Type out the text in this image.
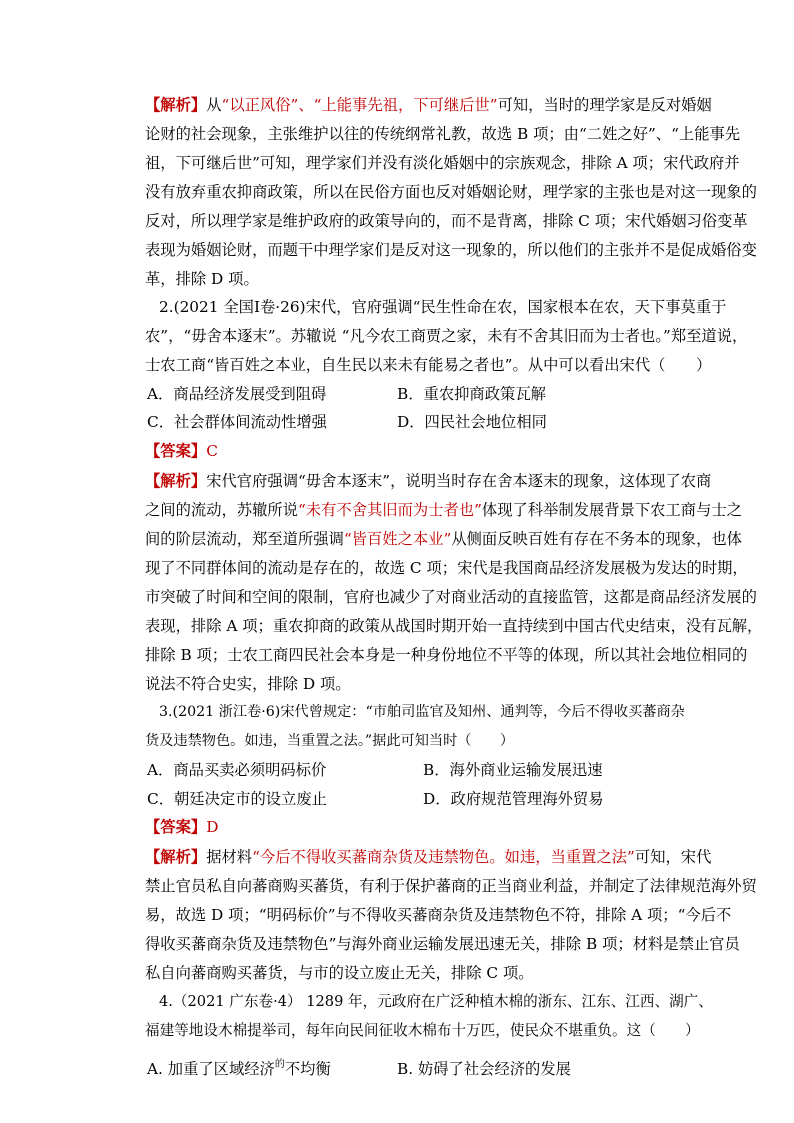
【解析】从“以正风俗”、“上能事先祖，下可继后世”可知，当时的理学家是反对婚姻
论财的社会现象，主张维护以往的传统纲常礼教，故选 B 项；由“二姓之好”、“上能事先
祖，下可继后世”可知，理学家们并没有淡化婚姻中的宗族观念，排除 A 项；宋代政府并
没有放弃重农抑商政策，所以在民俗方面也反对婚姻论财，理学家的主张也是对这一现象的
反对，所以理学家是维护政府的政策导向的，而不是背离，排除 C 项；宋代婚姻习俗变革
表现为婚姻论财，而题干中理学家们是反对这一现象的，所以他们的主张并不是促成婚俗变
革，排除 D 项。
2.(2021 全国Ⅰ卷·26)宋代，官府强调“民生性命在农，国家根本在农，天下事莫重于
农”，“毋舍本逐末”。苏辙说 “凡今农工商贾之家，未有不舍其旧而为士者也。”郑至道说，
士农工商“皆百姓之本业，自生民以来未有能易之者也”。从中可以看出宋代（　　）
A．商品经济发展受到阻碍	B．重农抑商政策瓦解
C．社会群体间流动性增强	D．四民社会地位相同
【答案】C
【解析】宋代官府强调“毋舍本逐末”，说明当时存在舍本逐末的现象，这体现了农商
之间的流动，苏辙所说“未有不舍其旧而为士者也”体现了科举制发展背景下农工商与士之
间的阶层流动，郑至道所强调“皆百姓之本业”从侧面反映百姓有存在不务本的现象，也体
现了不同群体间的流动是存在的，故选 C 项；宋代是我国商品经济发展极为发达的时期，
市突破了时间和空间的限制，官府也减少了对商业活动的直接监管，这都是商品经济发展的
表现，排除 A 项；重农抑商的政策从战国时期开始一直持续到中国古代史结束，没有瓦解，
排除 B 项；士农工商四民社会本身是一种身份地位不平等的体现，所以其社会地位相同的
说法不符合史实，排除 D 项。
3.(2021 浙江卷·6)宋代曾规定：“市舶司监官及知州、通判等，今后不得收买蕃商杂
货及违禁物色。如违，当重置之法。”据此可知当时（　　）
A．商品买卖必须明码标价	B．海外商业运输发展迅速
C．朝廷决定市的设立废止	D．政府规范管理海外贸易
【答案】D
【解析】据材料“今后不得收买蕃商杂货及违禁物色。如违，当重置之法”可知，宋代
禁止官员私自向蕃商购买蕃货，有利于保护蕃商的正当商业利益，并制定了法律规范海外贸
易，故选 D 项；“明码标价”与不得收买蕃商杂货及违禁物色不符，排除 A 项；“今后不
得收买蕃商杂货及违禁物色”与海外商业运输发展迅速无关，排除 B 项；材料是禁止官员
私自向蕃商购买蕃货，与市的设立废止无关，排除 C 项。
4.（2021 广东卷·4） 1289 年，元政府在广泛种植木棉的浙东、江东、江西、湖广、
福建等地设木棉提举司，每年向民间征收木棉布十万匹，使民众不堪重负。这（　　）
A. 加重了区域经济$^的$不均衡	B. 妨碍了社会经济的发展
